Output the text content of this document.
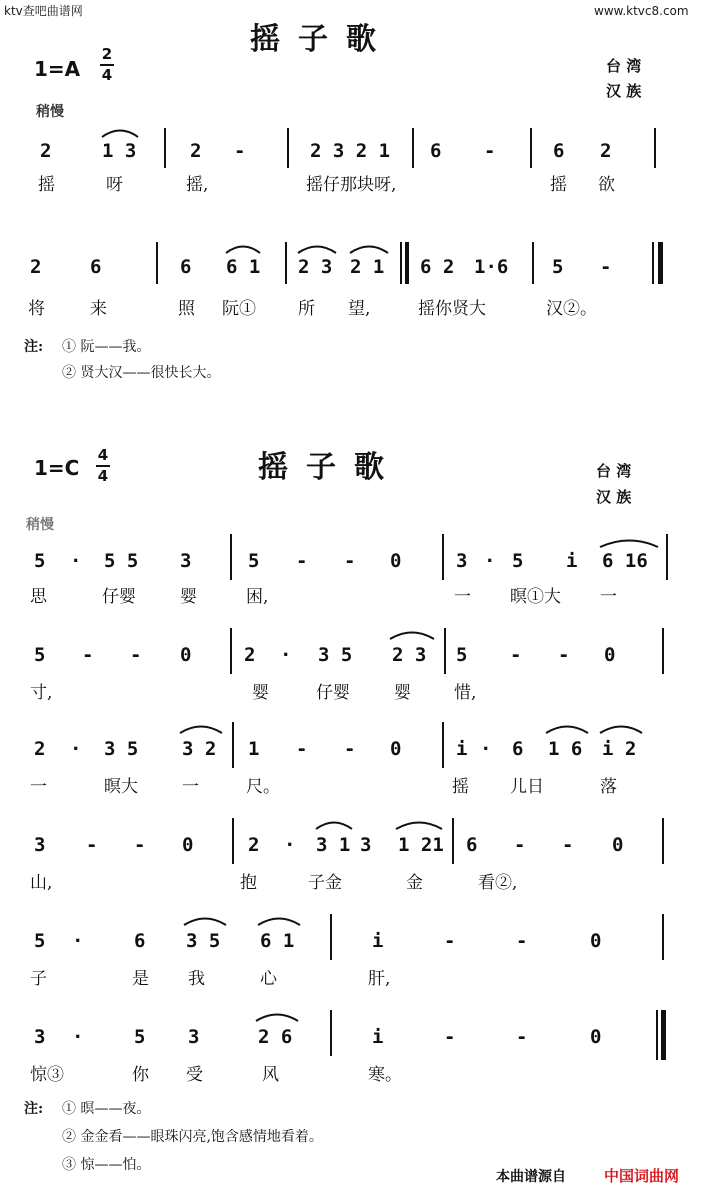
ktv查吧曲谱网	www.ktvc8.com
摇子歌
1=A
2
4	台 湾
汉 族
稍慢
2	1 3	2 -	2 3 2 1 6 -	6 2
摇	呀	摇,	摇仔那块呀,	摇 欲
2	6	6 6 1 2 3 2 1 6 2 1·6 5 -
将	来	照 阮① 所 望,	摇你贤大	汉②。
注: ① 阮——我。
② 贤大汉——很快长大。
摇子歌
1=C
4
4	台 湾
汉 族
稍慢
5 · 5 5 3	5 - - 0	3 · 5 i 6 16
思	仔婴	婴	困,	一 暝①大 一
5 - - 0	2 · 3 5 2 3 5 - - 0
寸,	婴	仔婴	婴	惜,
2 · 3 5 3 2 1 - - 0	i · 6 1 6 i 2
一	暝大	一	尺。	摇 儿日	落
3 - - 0	2 · 3 1 3 1 21 6 - - 0
山,	抱	子金	金	看②,
5 ·	6 3 5 6 1	i	-	-	0
子	是 我	心	肝,
3 ·	5 3	2 6	i	-	-	0
惊③	你 受	风	寒。
注: ① 暝——夜。
② 金金看——眼珠闪亮,饱含感情地看着。
③ 惊——怕。
本曲谱源自	中国词曲网
